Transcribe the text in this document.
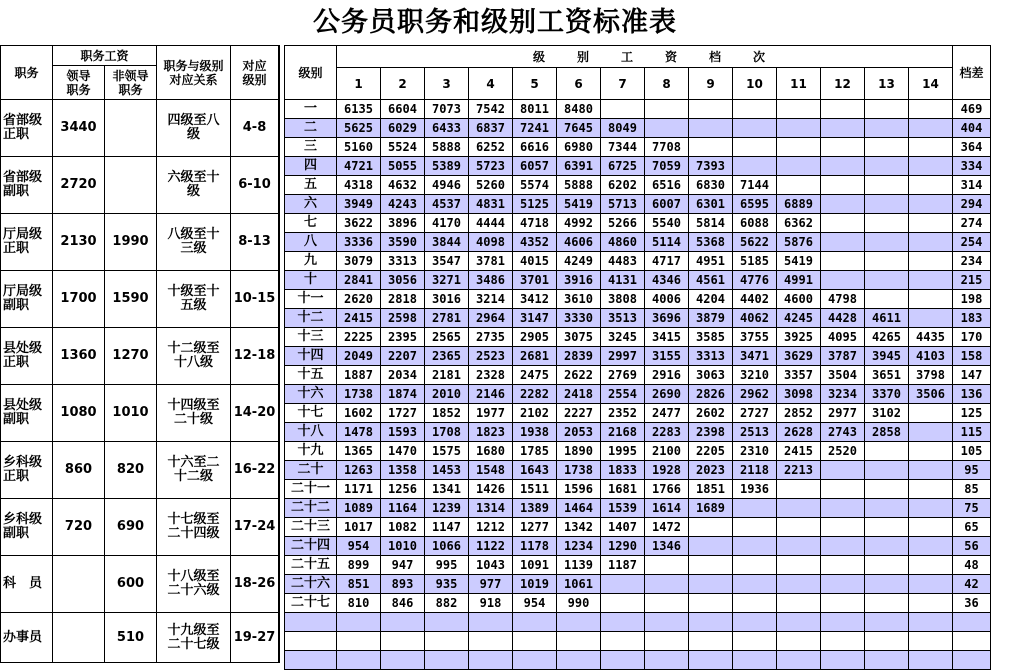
公务员职务和级别工资标准表
职务	职务工资		职务与级别对应关系	对应级别
	领导职务	非领导职务		
省部级正职	3440		四级至八级	4-8
省部级副职	2720		六级至十级	6-10
厅局级正职	2130	1990	八级至十三级	8-13
厅局级副职	1700	1590	十级至十五级	10-15
县处级正职	1360	1270	十二级至十八级	12-18
县处级副职	1080	1010	十四级至二十级	14-20
乡科级正职	860	820	十六至二十二级	16-22
乡科级副职	720	690	十七级至二十四级	17-24
科　员		600	十八级至二十六级	18-26
办事员		510	十九级至二十七级	19-27
级别	级 别 工 资 档 次														档差
	1	2	3	4	5	6	7	8	9	10	11	12	13	14	
一	6135	6604	7073	7542	8011	8480									469
二	5625	6029	6433	6837	7241	7645	8049								404
三	5160	5524	5888	6252	6616	6980	7344	7708							364
四	4721	5055	5389	5723	6057	6391	6725	7059	7393						334
五	4318	4632	4946	5260	5574	5888	6202	6516	6830	7144					314
六	3949	4243	4537	4831	5125	5419	5713	6007	6301	6595	6889				294
七	3622	3896	4170	4444	4718	4992	5266	5540	5814	6088	6362				274
八	3336	3590	3844	4098	4352	4606	4860	5114	5368	5622	5876				254
九	3079	3313	3547	3781	4015	4249	4483	4717	4951	5185	5419				234
十	2841	3056	3271	3486	3701	3916	4131	4346	4561	4776	4991				215
十一	2620	2818	3016	3214	3412	3610	3808	4006	4204	4402	4600	4798			198
十二	2415	2598	2781	2964	3147	3330	3513	3696	3879	4062	4245	4428	4611		183
十三	2225	2395	2565	2735	2905	3075	3245	3415	3585	3755	3925	4095	4265	4435	170
十四	2049	2207	2365	2523	2681	2839	2997	3155	3313	3471	3629	3787	3945	4103	158
十五	1887	2034	2181	2328	2475	2622	2769	2916	3063	3210	3357	3504	3651	3798	147
十六	1738	1874	2010	2146	2282	2418	2554	2690	2826	2962	3098	3234	3370	3506	136
十七	1602	1727	1852	1977	2102	2227	2352	2477	2602	2727	2852	2977	3102		125
十八	1478	1593	1708	1823	1938	2053	2168	2283	2398	2513	2628	2743	2858		115
十九	1365	1470	1575	1680	1785	1890	1995	2100	2205	2310	2415	2520			105
二十	1263	1358	1453	1548	1643	1738	1833	1928	2023	2118	2213				95
二十一	1171	1256	1341	1426	1511	1596	1681	1766	1851	1936					85
二十二	1089	1164	1239	1314	1389	1464	1539	1614	1689						75
二十三	1017	1082	1147	1212	1277	1342	1407	1472							65
二十四	954	1010	1066	1122	1178	1234	1290	1346							56
二十五	899	947	995	1043	1091	1139	1187								48
二十六	851	893	935	977	1019	1061									42
二十七	810	846	882	918	954	990									36
